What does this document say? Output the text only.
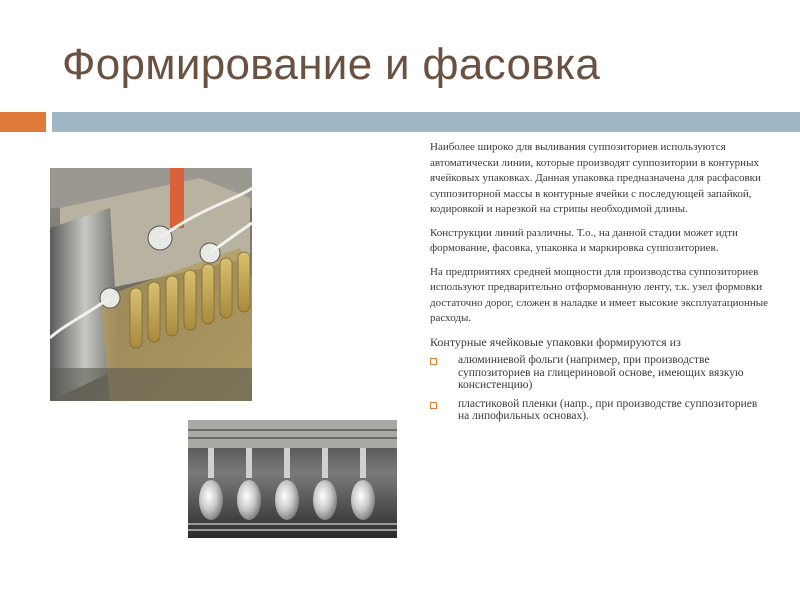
Формирование и фасовка

Наиболее широко для выливания суппозиториев используются автоматически линии, которые производят суппозитории в контурных ячейковых упаковках. Данная упаковка предназначена для расфасовки суппозиторной массы в контурные ячейки с последующей запайкой, кодировкой и нарезкой на стрипы необходимой длины.

Конструкции линий различны. Т.о., на данной стадии может идти формование, фасовка, упаковка и маркировка суппозиториев.

На предприятиях средней мощности для производства суппозиториев используют предварительно отформованную ленту, т.к. узел формовки достаточно дорог, сложен в наладке и имеет высокие эксплуатационные расходы.

Контурные ячейковые упаковки формируются из

алюминиевой фольги (например, при производстве суппозиториев на глицериновой основе, имеющих вязкую консистенцию)
пластиковой пленки (напр., при производстве суппозиториев на липофильных основах).
